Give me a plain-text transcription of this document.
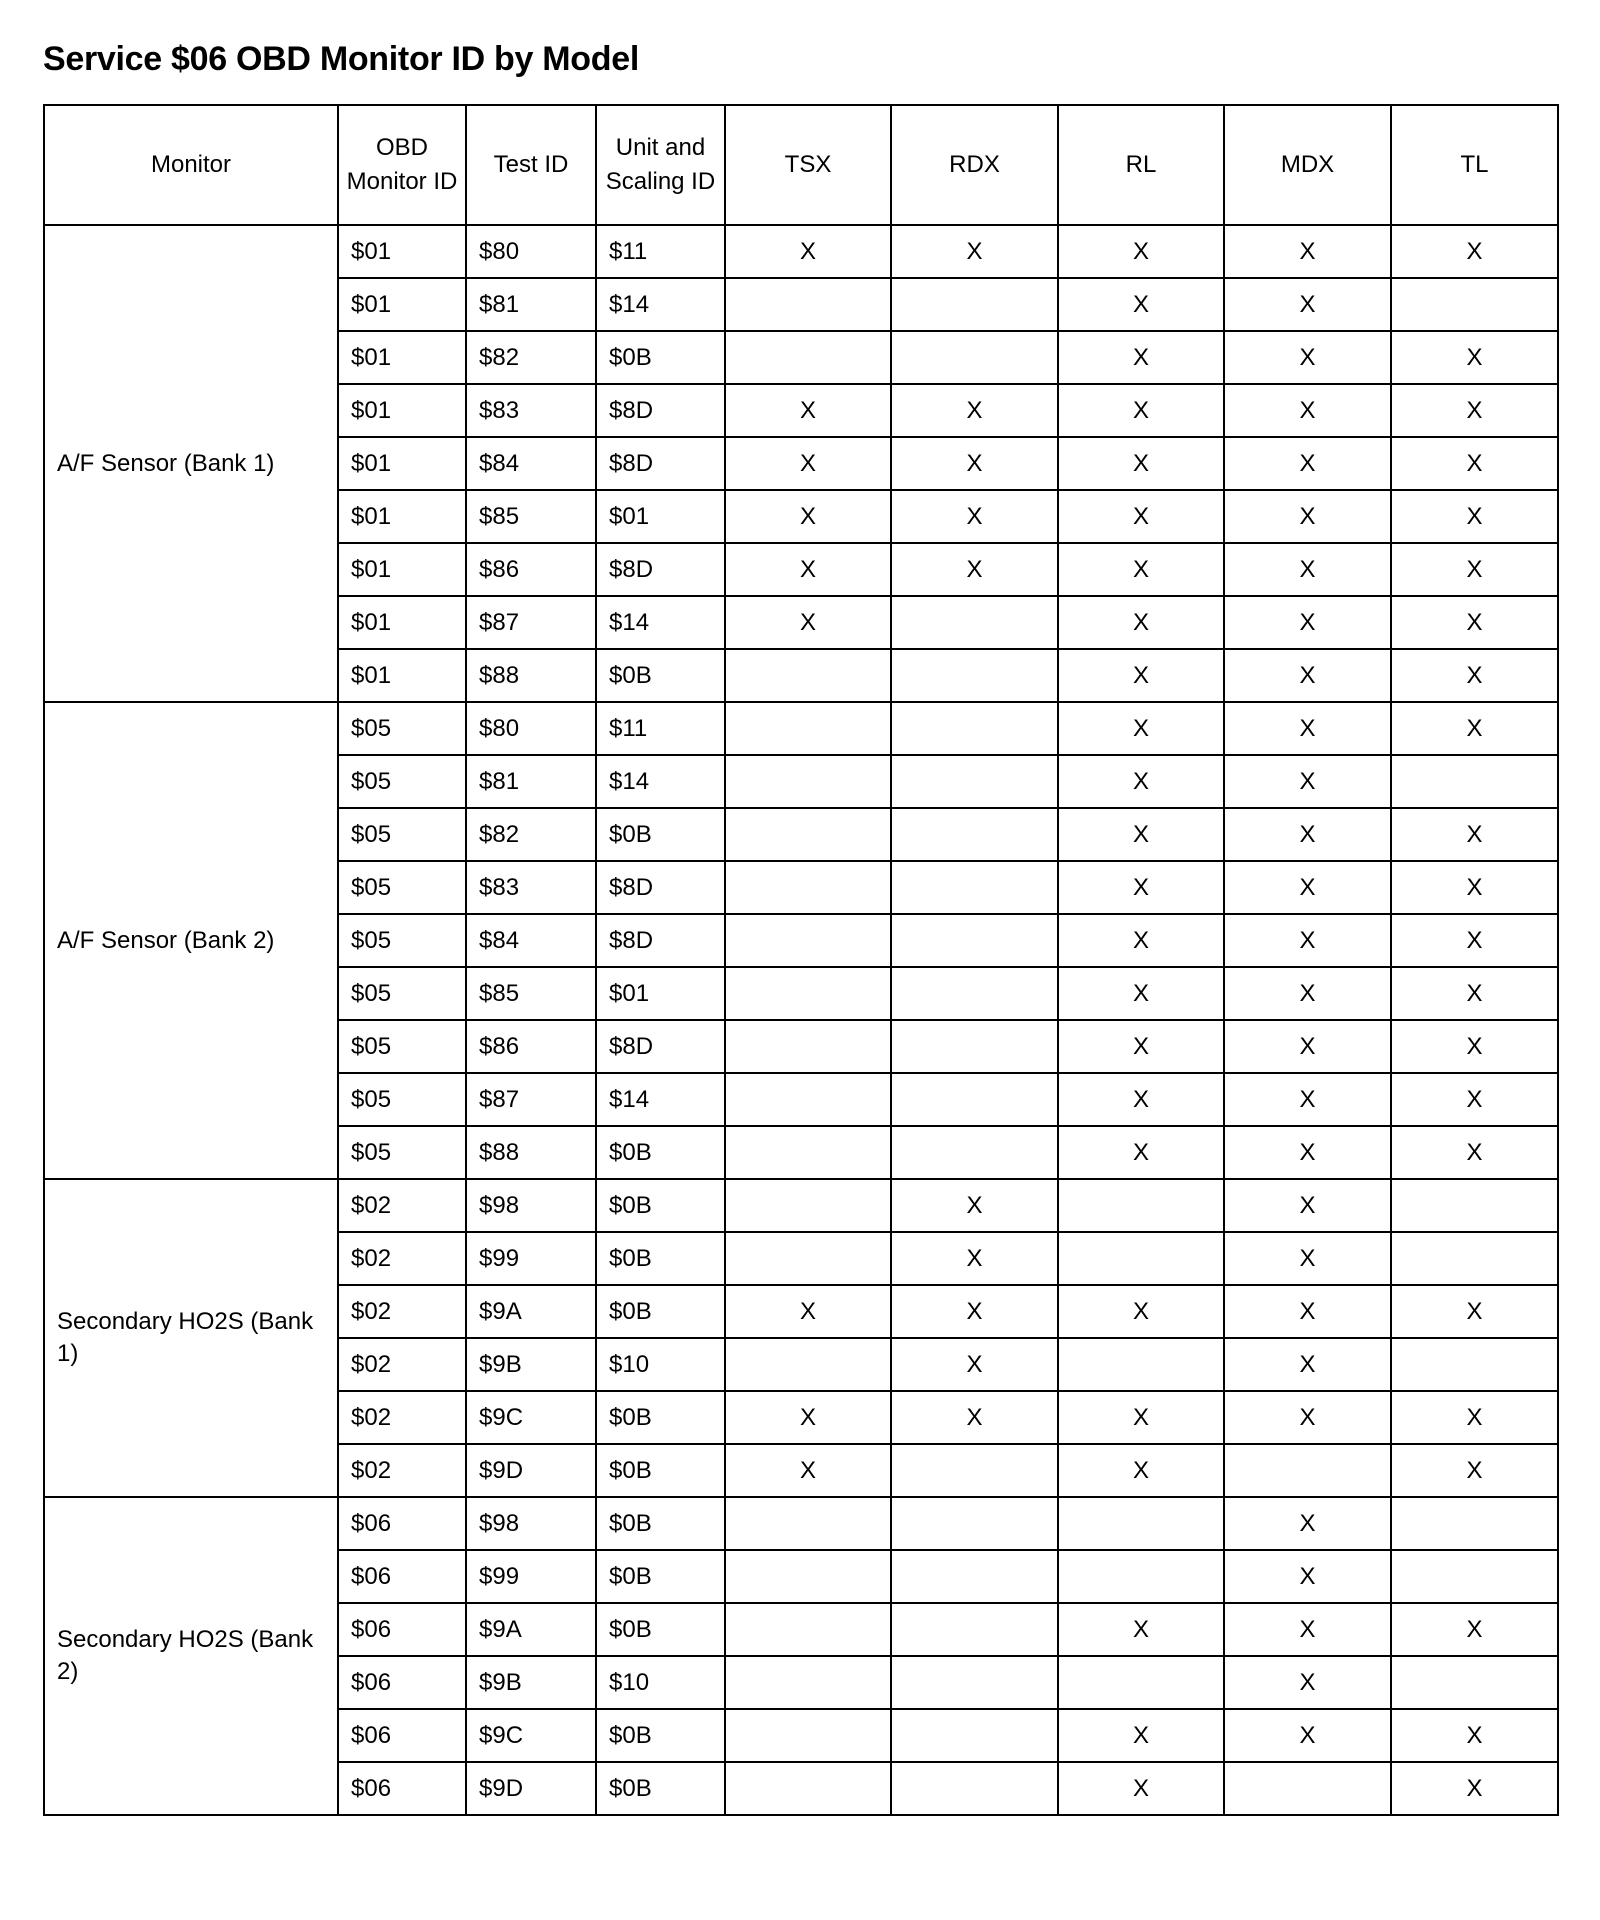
Service $06 OBD Monitor ID by Model
Monitor	OBD Monitor ID	Test ID	Unit and Scaling ID	TSX	RDX	RL	MDX	TL
A/F Sensor (Bank 1)	$01	$80	$11	X	X	X	X	X
	$01	$81	$14			X	X	
	$01	$82	$0B			X	X	X
	$01	$83	$8D	X	X	X	X	X
	$01	$84	$8D	X	X	X	X	X
	$01	$85	$01	X	X	X	X	X
	$01	$86	$8D	X	X	X	X	X
	$01	$87	$14	X		X	X	X
	$01	$88	$0B			X	X	X
A/F Sensor (Bank 2)	$05	$80	$11			X	X	X
	$05	$81	$14			X	X	
	$05	$82	$0B			X	X	X
	$05	$83	$8D			X	X	X
	$05	$84	$8D			X	X	X
	$05	$85	$01			X	X	X
	$05	$86	$8D			X	X	X
	$05	$87	$14			X	X	X
	$05	$88	$0B			X	X	X
Secondary HO2S (Bank 1)	$02	$98	$0B		X		X	
	$02	$99	$0B		X		X	
	$02	$9A	$0B	X	X	X	X	X
	$02	$9B	$10		X		X	
	$02	$9C	$0B	X	X	X	X	X
	$02	$9D	$0B	X		X		X
Secondary HO2S (Bank 2)	$06	$98	$0B				X	
	$06	$99	$0B				X	
	$06	$9A	$0B			X	X	X
	$06	$9B	$10				X	
	$06	$9C	$0B			X	X	X
	$06	$9D	$0B			X		X
